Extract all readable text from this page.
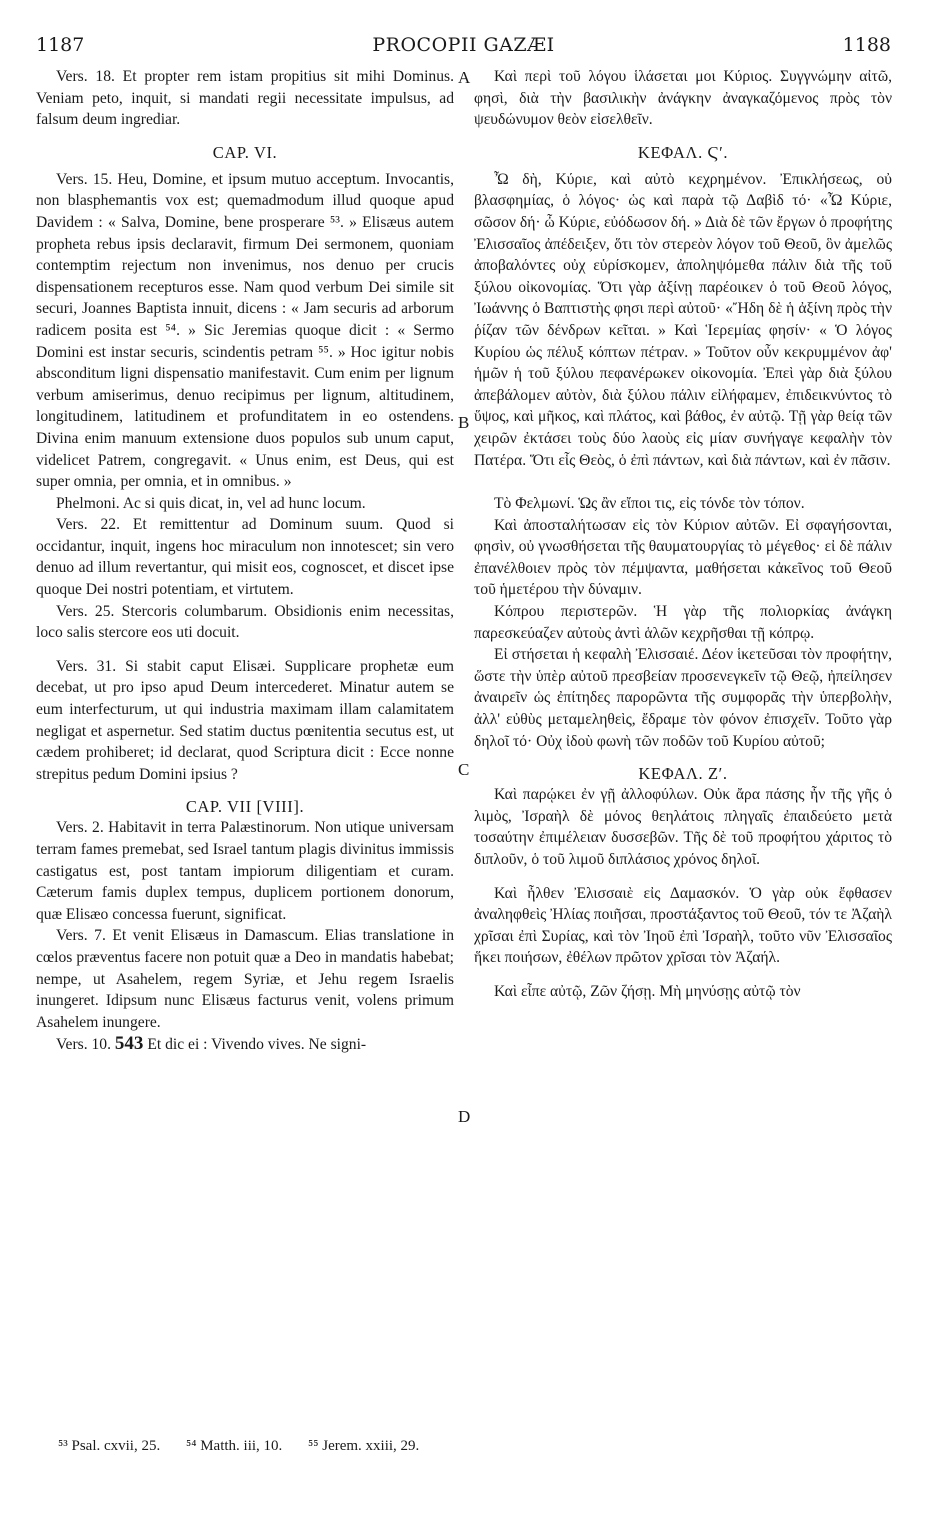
1187	PROCOPII GAZÆI	1188
A
B
C
D

Vers. 18. Et propter rem istam propitius sit mihi Dominus. Veniam peto, inquit, si mandati regii necessitate impulsus, ad falsum deum ingrediar.

CAP. VI.

Vers. 15. Heu, Domine, et ipsum mutuo acceptum. Invocantis, non blasphemantis vox est; quemadmodum illud quoque apud Davidem : « Salva, Domine, bene prosperare ⁵³. » Elisæus autem propheta rebus ipsis declaravit, firmum Dei sermonem, quoniam contemptim rejectum non invenimus, nos denuo per crucis dispensationem recepturos esse. Nam quod verbum Dei simile sit securi, Joannes Baptista innuit, dicens : « Jam securis ad arborum radicem posita est ⁵⁴. » Sic Jeremias quoque dicit : « Sermo Domini est instar securis, scindentis petram ⁵⁵. » Hoc igitur nobis absconditum ligni dispensatio manifestavit. Cum enim per lignum verbum amiserimus, denuo recipimus per lignum, altitudinem, longitudinem, latitudinem et profunditatem in eo ostendens. Divina enim manuum extensione duos populos sub unum caput, videlicet Patrem, congregavit. « Unus enim, est Deus, qui est super omnia, per omnia, et in omnibus. »

Phelmoni. Ac si quis dicat, in, vel ad hunc locum.

Vers. 22. Et remittentur ad Dominum suum. Quod si occidantur, inquit, ingens hoc miraculum non innotescet; sin vero denuo ad illum revertantur, qui misit eos, cognoscet, et discet ipse quoque Dei nostri potentiam, et virtutem.

Vers. 25. Stercoris columbarum. Obsidionis enim necessitas, loco salis stercore eos uti docuit.

Vers. 31. Si stabit caput Elisæi. Supplicare prophetæ eum decebat, ut pro ipso apud Deum intercederet. Minatur autem se eum interfecturum, ut qui industria maximam illam calamitatem negligat et aspernetur. Sed statim ductus pœnitentia secutus est, ut cædem prohiberet; id declarat, quod Scriptura dicit : Ecce nonne strepitus pedum Domini ipsius ?

CAP. VII [VIII].

Vers. 2. Habitavit in terra Palæstinorum. Non utique universam terram fames premebat, sed Israel tantum plagis divinitus immissis castigatus est, post tantam impiorum diligentiam et curam. Cæterum famis duplex tempus, duplicem portionem donorum, quæ Elisæo concessa fuerunt, significat.

Vers. 7. Et venit Elisæus in Damascum. Elias translatione in cœlos præventus facere non potuit quæ a Deo in mandatis habebat; nempe, ut Asahelem, regem Syriæ, et Jehu regem Israelis inungeret. Idipsum nunc Elisæus facturus venit, volens primum Asahelem inungere.

Vers. 10. 543 Et dic ei : Vivendo vives. Ne signi-

Καὶ περὶ τοῦ λόγου ἱλάσεται μοι Κύριος. Συγγνώμην αἰτῶ, φησὶ, διὰ τὴν βασιλικὴν ἀνάγκην ἀναγκαζόμενος πρὸς τὸν ψευδώνυμον θεὸν εἰσελθεῖν.

ΚΕΦΑΛ. Ϛʹ.

Ὦ δὴ, Κύριε, καὶ αὐτὸ κεχρημένον. Ἐπικλήσεως, οὐ βλασφημίας, ὁ λόγος· ὡς καὶ παρὰ τῷ Δαβὶδ τό· «Ὦ Κύριε, σῶσον δή· ὦ Κύριε, εὐόδωσον δή. » Διὰ δὲ τῶν ἔργων ὁ προφήτης Ἐλισσαῖος ἀπέδειξεν, ὅτι τὸν στερεὸν λόγον τοῦ Θεοῦ, ὃν ἀμελῶς ἀποβαλόντες οὐχ εὑρίσκομεν, ἀποληψόμεθα πάλιν διὰ τῆς τοῦ ξύλου οἰκονομίας. Ὅτι γὰρ ἀξίνῃ παρέοικεν ὁ τοῦ Θεοῦ λόγος, Ἰωάννης ὁ Βαπτιστὴς φησι περὶ αὐτοῦ· «Ἤδη δὲ ἡ ἀξίνη πρὸς τὴν ῥίζαν τῶν δένδρων κεῖται. » Καὶ Ἱερεμίας φησίν· « Ὁ λόγος Κυρίου ὡς πέλυξ κόπτων πέτραν. » Τοῦτον οὖν κεκρυμμένον ἀφ' ἡμῶν ἡ τοῦ ξύλου πεφανέρωκεν οἰκονομία. Ἐπεὶ γὰρ διὰ ξύλου ἀπεβάλομεν αὐτὸν, διὰ ξύλου πάλιν εἰλήφαμεν, ἐπιδεικνύντος τὸ ὕψος, καὶ μῆκος, καὶ πλάτος, καὶ βάθος, ἐν αὐτῷ. Τῇ γὰρ θείᾳ τῶν χειρῶν ἐκτάσει τοὺς δύο λαοὺς εἰς μίαν συνήγαγε κεφαλὴν τὸν Πατέρα. Ὅτι εἷς Θεὸς, ὁ ἐπὶ πάντων, καὶ διὰ πάντων, καὶ ἐν πᾶσιν.

Τὸ Φελμωνί. Ὡς ἂν εἴποι τις, εἰς τόνδε τὸν τόπον.

Καὶ ἀποσταλήτωσαν εἰς τὸν Κύριον αὐτῶν. Εἰ σφαγήσονται, φησὶν, οὐ γνωσθήσεται τῆς θαυματουργίας τὸ μέγεθος· εἰ δὲ πάλιν ἐπανέλθοιεν πρὸς τὸν πέμψαντα, μαθήσεται κἀκεῖνος τοῦ Θεοῦ τοῦ ἡμετέρου τὴν δύναμιν.

Κόπρου περιστερῶν. Ἡ γὰρ τῆς πολιορκίας ἀνάγκη παρεσκεύαζεν αὐτοὺς ἀντὶ ἁλῶν κεχρῆσθαι τῇ κόπρῳ.

Εἰ στήσεται ἡ κεφαλὴ Ἐλισσαιέ. Δέον ἱκετεῦσαι τὸν προφήτην, ὥστε τὴν ὑπὲρ αὐτοῦ πρεσβείαν προσενεγκεῖν τῷ Θεῷ, ἠπείλησεν ἀναιρεῖν ὡς ἐπίτηδες παρορῶντα τῆς συμφορᾶς τὴν ὑπερβολὴν, ἀλλ' εὐθὺς μεταμεληθεὶς, ἔδραμε τὸν φόνον ἐπισχεῖν. Τοῦτο γὰρ δηλοῖ τό· Οὐχ ἰδοὺ φωνὴ τῶν ποδῶν τοῦ Κυρίου αὐτοῦ;

ΚΕΦΑΛ. Ζʹ.

Καὶ παρῴκει ἐν γῇ ἀλλοφύλων. Οὐκ ἄρα πάσης ἦν τῆς γῆς ὁ λιμὸς, Ἰσραὴλ δὲ μόνος θεηλάτοις πληγαῖς ἐπαιδεύετο μετὰ τοσαύτην ἐπιμέλειαν δυσσεβῶν. Τῆς δὲ τοῦ προφήτου χάριτος τὸ διπλοῦν, ὁ τοῦ λιμοῦ διπλάσιος χρόνος δηλοῖ.

Καὶ ἦλθεν Ἐλισσαιὲ εἰς Δαμασκόν. Ὁ γὰρ οὐκ ἔφθασεν ἀναληφθεὶς Ἠλίας ποιῆσαι, προστάξαντος τοῦ Θεοῦ, τόν τε Ἀζαὴλ χρῖσαι ἐπὶ Συρίας, καὶ τὸν Ἰηοῦ ἐπὶ Ἰσραὴλ, τοῦτο νῦν Ἐλισσαῖος ἥκει ποιήσων, ἐθέλων πρῶτον χρῖσαι τὸν Ἀζαήλ.

Καὶ εἶπε αὐτῷ, Ζῶν ζήσῃ. Μὴ μηνύσῃς αὐτῷ τὸν

⁵³ Psal. cxvii, 25. ⁵⁴ Matth. iii, 10. ⁵⁵ Jerem. xxiii, 29.
